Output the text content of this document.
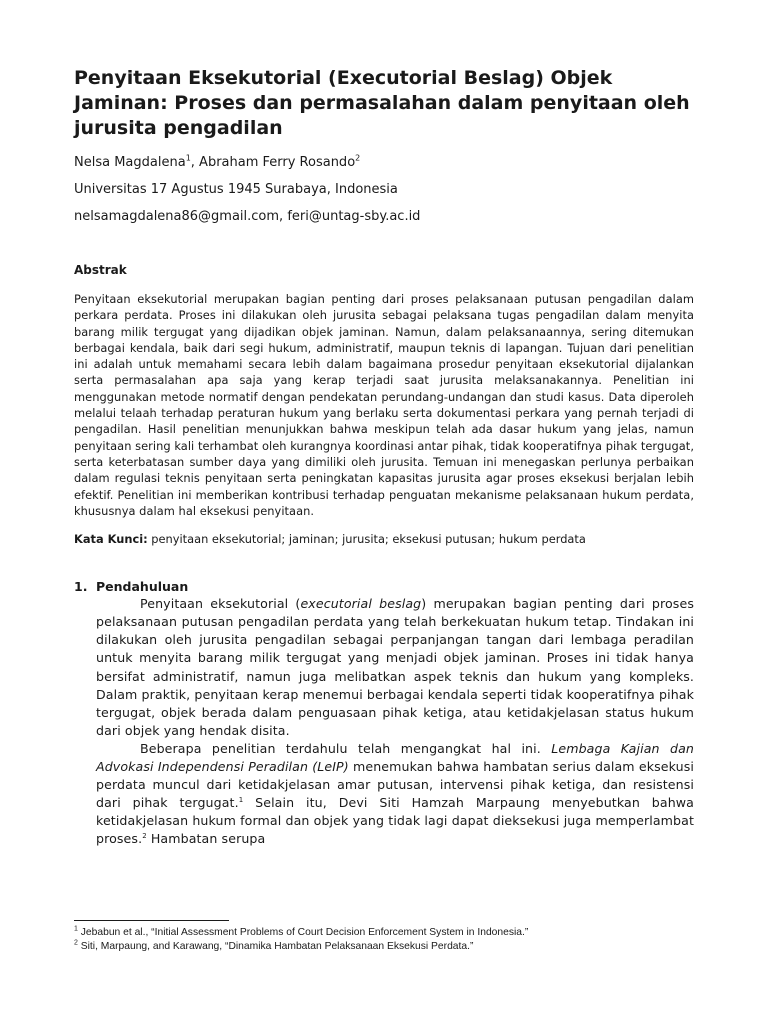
Penyitaan Eksekutorial (Executorial Beslag) Objek Jaminan: Proses dan permasalahan dalam penyitaan oleh jurusita pengadilan

Nelsa Magdalena$^1$, Abraham Ferry Rosando$^2$

Universitas 17 Agustus 1945 Surabaya, Indonesia

nelsamagdalena86@gmail.com, feri@untag-sby.ac.id

Abstrak

Penyitaan eksekutorial merupakan bagian penting dari proses pelaksanaan putusan pengadilan dalam perkara perdata. Proses ini dilakukan oleh jurusita sebagai pelaksana tugas pengadilan dalam menyita barang milik tergugat yang dijadikan objek jaminan. Namun, dalam pelaksanaannya, sering ditemukan berbagai kendala, baik dari segi hukum, administratif, maupun teknis di lapangan. Tujuan dari penelitian ini adalah untuk memahami secara lebih dalam bagaimana prosedur penyitaan eksekutorial dijalankan serta permasalahan apa saja yang kerap terjadi saat jurusita melaksanakannya. Penelitian ini menggunakan metode normatif dengan pendekatan perundang-undangan dan studi kasus. Data diperoleh melalui telaah terhadap peraturan hukum yang berlaku serta dokumentasi perkara yang pernah terjadi di pengadilan. Hasil penelitian menunjukkan bahwa meskipun telah ada dasar hukum yang jelas, namun penyitaan sering kali terhambat oleh kurangnya koordinasi antar pihak, tidak kooperatifnya pihak tergugat, serta keterbatasan sumber daya yang dimiliki oleh jurusita. Temuan ini menegaskan perlunya perbaikan dalam regulasi teknis penyitaan serta peningkatan kapasitas jurusita agar proses eksekusi berjalan lebih efektif. Penelitian ini memberikan kontribusi terhadap penguatan mekanisme pelaksanaan hukum perdata, khususnya dalam hal eksekusi penyitaan.

Kata Kunci: penyitaan eksekutorial; jaminan; jurusita; eksekusi putusan; hukum perdata

1. Pendahuluan

Penyitaan eksekutorial (executorial beslag) merupakan bagian penting dari proses pelaksanaan putusan pengadilan perdata yang telah berkekuatan hukum tetap. Tindakan ini dilakukan oleh jurusita pengadilan sebagai perpanjangan tangan dari lembaga peradilan untuk menyita barang milik tergugat yang menjadi objek jaminan. Proses ini tidak hanya bersifat administratif, namun juga melibatkan aspek teknis dan hukum yang kompleks. Dalam praktik, penyitaan kerap menemui berbagai kendala seperti tidak kooperatifnya pihak tergugat, objek berada dalam penguasaan pihak ketiga, atau ketidakjelasan status hukum dari objek yang hendak disita.

Beberapa penelitian terdahulu telah mengangkat hal ini. Lembaga Kajian dan Advokasi Independensi Peradilan (LeIP) menemukan bahwa hambatan serius dalam eksekusi perdata muncul dari ketidakjelasan amar putusan, intervensi pihak ketiga, dan resistensi dari pihak tergugat.$^1$ Selain itu, Devi Siti Hamzah Marpaung menyebutkan bahwa ketidakjelasan hukum formal dan objek yang tidak lagi dapat dieksekusi juga memperlambat proses.$^2$ Hambatan serupa

$^1$ Jebabun et al., “Initial Assessment Problems of Court Decision Enforcement System in Indonesia.”

$^2$ Siti, Marpaung, and Karawang, “Dinamika Hambatan Pelaksanaan Eksekusi Perdata.”
